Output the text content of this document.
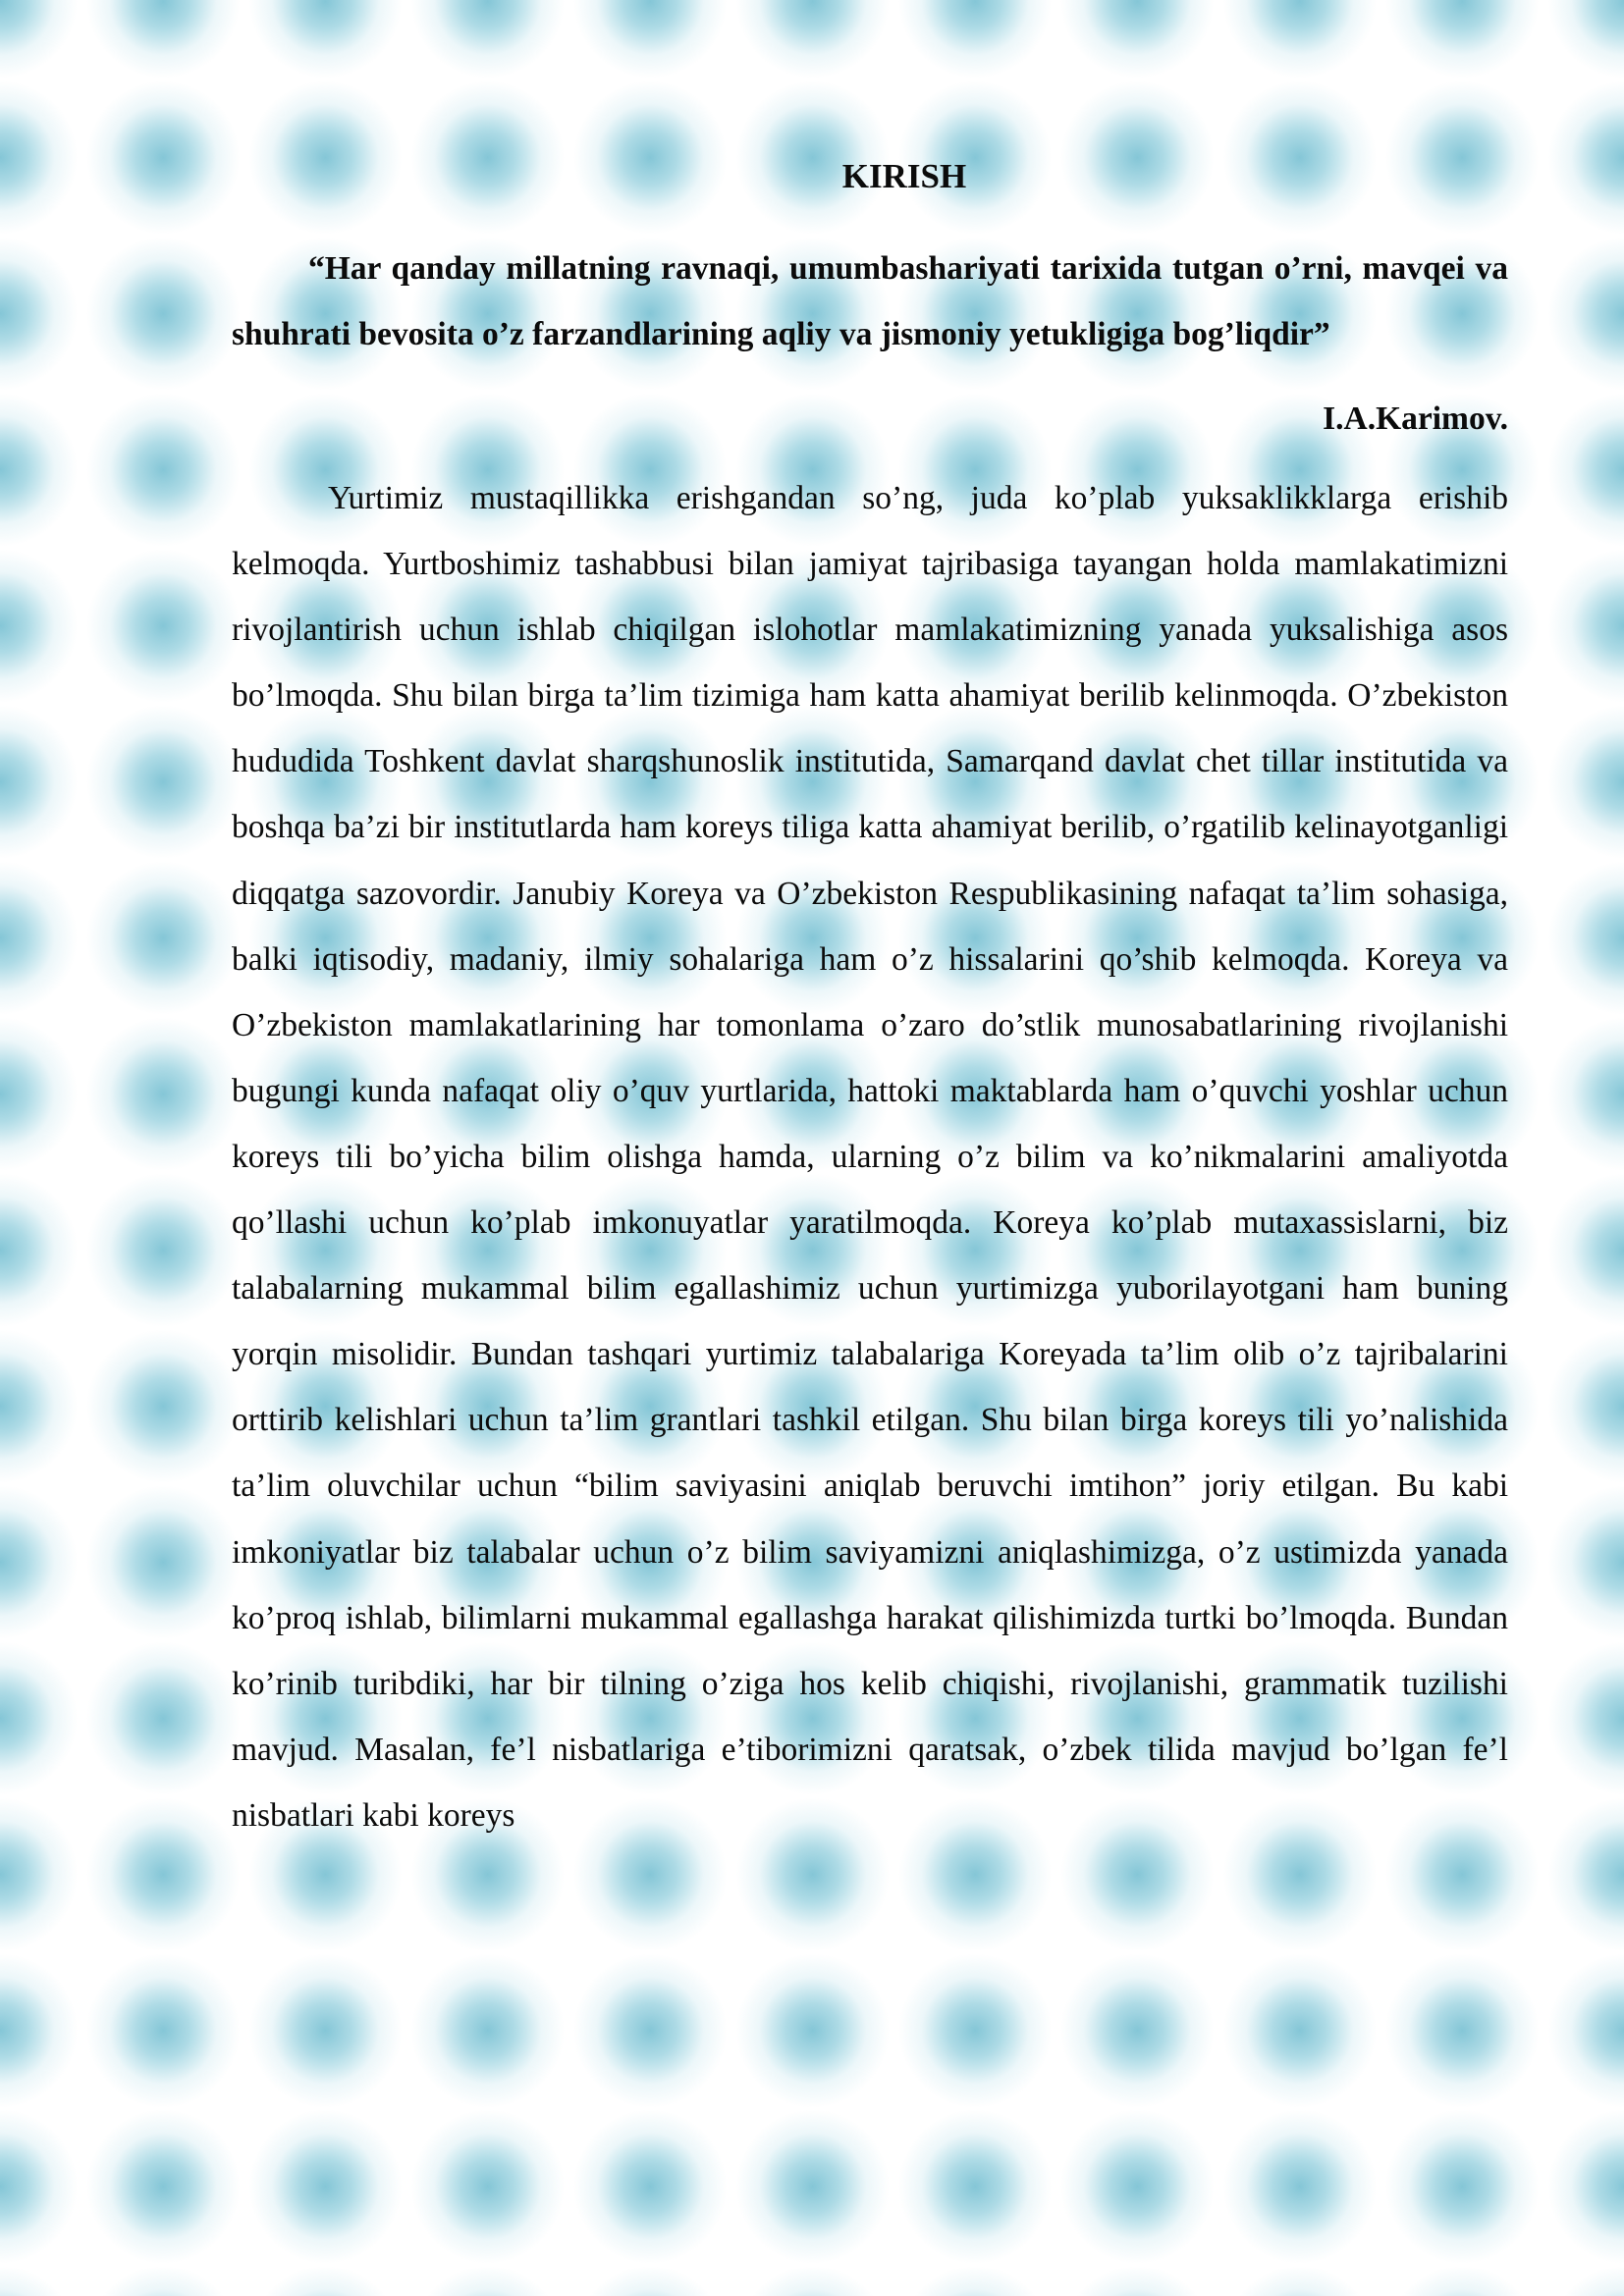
KIRISH

“Har qanday millatning ravnaqi, umumbashariyati tarixida tutgan o’rni, mavqei va shuhrati bevosita o’z farzandlarining aqliy va jismoniy yetukligiga bog’liqdir”

I.A.Karimov.

Yurtimiz mustaqillikka erishgandan so’ng, juda ko’plab yuksaklikklarga erishib kelmoqda. Yurtboshimiz tashabbusi bilan jamiyat tajribasiga tayangan holda mamlakatimizni rivojlantirish uchun ishlab chiqilgan islohotlar mamlakatimizning yanada yuksalishiga asos bo’lmoqda. Shu bilan birga ta’lim tizimiga ham katta ahamiyat berilib kelinmoqda. O’zbekiston hududida Toshkent davlat sharqshunoslik institutida, Samarqand davlat chet tillar institutida va boshqa ba’zi bir institutlarda ham koreys tiliga katta ahamiyat berilib, o’rgatilib kelinayotganligi diqqatga sazovordir. Janubiy Koreya va O’zbekiston Respublikasining nafaqat ta’lim sohasiga, balki iqtisodiy, madaniy, ilmiy sohalariga ham o’z hissalarini qo’shib kelmoqda. Koreya va O’zbekiston mamlakatlarining har tomonlama o’zaro do’stlik munosabatlarining rivojlanishi bugungi kunda nafaqat oliy o’quv yurtlarida, hattoki maktablarda ham o’quvchi yoshlar uchun koreys tili bo’yicha bilim olishga hamda, ularning o’z bilim va ko’nikmalarini amaliyotda qo’llashi uchun ko’plab imkonuyatlar yaratilmoqda. Koreya ko’plab mutaxassislarni, biz talabalarning mukammal bilim egallashimiz uchun yurtimizga yuborilayotgani ham buning yorqin misolidir. Bundan tashqari yurtimiz talabalariga Koreyada ta’lim olib o’z tajribalarini orttirib kelishlari uchun ta’lim grantlari tashkil etilgan. Shu bilan birga koreys tili yo’nalishida ta’lim oluvchilar uchun “bilim saviyasini aniqlab beruvchi imtihon” joriy etilgan. Bu kabi imkoniyatlar biz talabalar uchun o’z bilim saviyamizni aniqlashimizga, o’z ustimizda yanada ko’proq ishlab, bilimlarni mukammal egallashga harakat qilishimizda turtki bo’lmoqda. Bundan ko’rinib turibdiki, har bir tilning o’ziga hos kelib chiqishi, rivojlanishi, grammatik tuzilishi mavjud. Masalan, fe’l nisbatlariga e’tiborimizni qaratsak, o’zbek tilida mavjud bo’lgan fe’l nisbatlari kabi koreys
